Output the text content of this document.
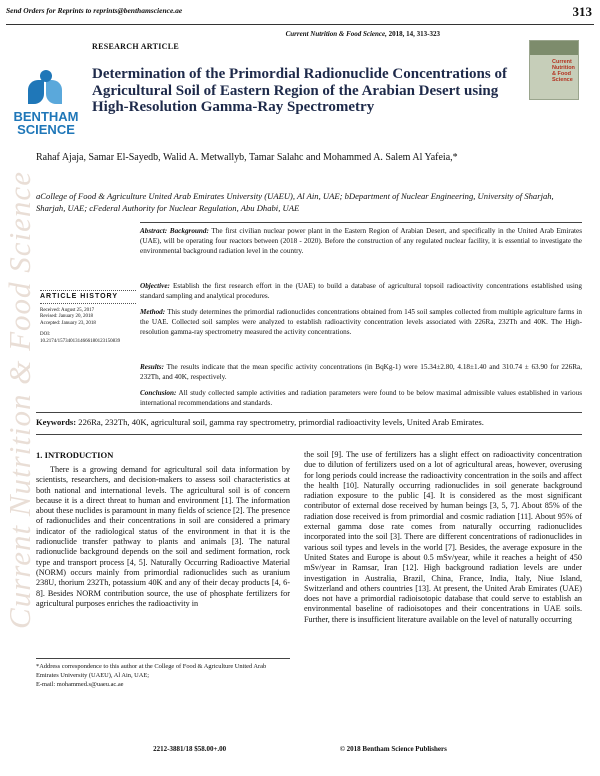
Current Nutrition & Food Science
Send Orders for Reprints to reprints@benthamscience.ae	313
Current Nutrition & Food Science, 2018, 14, 313-323
RESEARCH ARTICLE
Current Nutrition & Food Science
BENTHAM
SCIENCE
Determination of the Primordial Radionuclide Concentrations of Agricultural Soil of Eastern Region of the Arabian Desert using High-Resolution Gamma-Ray Spectrometry
Rahaf Ajaja, Samar El-Sayedb, Walid A. Metwallyb, Tamar Salahc and Mohammed A. Salem Al Yafeia,*
aCollege of Food & Agriculture United Arab Emirates University (UAEU), Al Ain, UAE; bDepartment of Nuclear Engineering, University of Sharjah, Sharjah, UAE; cFederal Authority for Nuclear Regulation, Abu Dhabi, UAE
Abstract: Background: The first civilian nuclear power plant in the Eastern Region of Arabian Desert, and specifically in the United Arab Emirates (UAE), will be operating four reactors between (2018 - 2020). Before the construction of any regulated nuclear facility, it is essential to investigate the environmental background radiation level in the country.
Objective: Establish the first research effort in the (UAE) to build a database of agricultural topsoil radioactivity concentrations established using standard sampling and analytical procedures.
Method: This study determines the primordial radionuclides concentrations obtained from 145 soil samples collected from multiple agriculture farms in the UAE. Collected soil samples were analyzed to establish radioactivity concentration levels associated with 226Ra, 232Th and 40K. The High-resolution gamma-ray spectrometry measured the activity concentrations.
Results: The results indicate that the mean specific activity concentrations (in BqKg-1) were 15.34±2.80, 4.18±1.40 and 310.74 ± 63.90 for 226Ra, 232Th, and 40K, respectively.
Conclusion: All study collected sample activities and radiation parameters were found to be below maximal admissible values established in various international recommendations and standards.
ARTICLE HISTORY
Received: August 25, 2017
Revised: January 20, 2018
Accepted: January 23, 2018
DOI:
10.2174/1573401314666180123150839
Keywords: 226Ra, 232Th, 40K, agricultural soil, gamma ray spectrometry, primordial radioactivity levels, United Arab Emirates.
1. INTRODUCTION
There is a growing demand for agricultural soil data information by scientists, researchers, and decision-makers to assess soil characteristics at both national and international levels. The agricultural soil is of concern because it is a direct threat to human and environment [1]. The information about these nuclides is paramount in many fields of science [2]. The presence of radionuclides and their concentrations in soil are considered a primary indicator of the radiological status of the environment in that it is the radionuclide transfer pathway to plants and animals [3]. The natural radionuclide background depends on the soil and sediment formation, rock type and transport process [4, 5]. Naturally Occurring Radioactive Material (NORM) occurs mainly from primordial radionuclides such as uranium 238U, thorium 232Th, potassium 40K and any of their decay products [4, 6-8]. Besides NORM contribution source, the use of phosphate fertilizers for agricultural purposes enriches the radioactivity in
the soil [9]. The use of fertilizers has a slight effect on radioactivity concentration due to dilution of fertilizers used on a lot of agricultural areas, however, overusing for long periods could increase the radioactivity concentration in the soils and affect the health [10]. Naturally occurring radionuclides in soil generate background radiation exposure to the public [4]. It is considered as the most significant contributor of external dose received by human beings [3, 5, 7]. About 85% of the radiation dose received is from primordial and cosmic radiation [11]. About 95% of external gamma dose rate comes from naturally occurring radionuclides incorporated into the soil [3]. There are different concentrations of radionuclides in various soil types and levels in the world [7]. Besides, the average exposure in the United States and Europe is about 0.5 mSv/year, while it reaches a height of 450 mSv/year in Ramsar, Iran [12]. High background radiation levels are under investigation in Australia, Brazil, China, France, India, Italy, Niue Island, Switzerland and others countries [13]. At present, the United Arab Emirates (UAE) does not have a primordial radioisotopic database that could serve to establish an environmental baseline of radioisotopes and their concentrations in UAE soils. Further, there is insufficient literature available on the level of naturally occurring
*Address correspondence to this author at the College of Food & Agriculture United Arab Emirates University (UAEU), Al Ain, UAE;
E-mail: mohammed.s@uaeu.ac.ae
2212-3881/18 $58.00+.00	© 2018 Bentham Science Publishers
